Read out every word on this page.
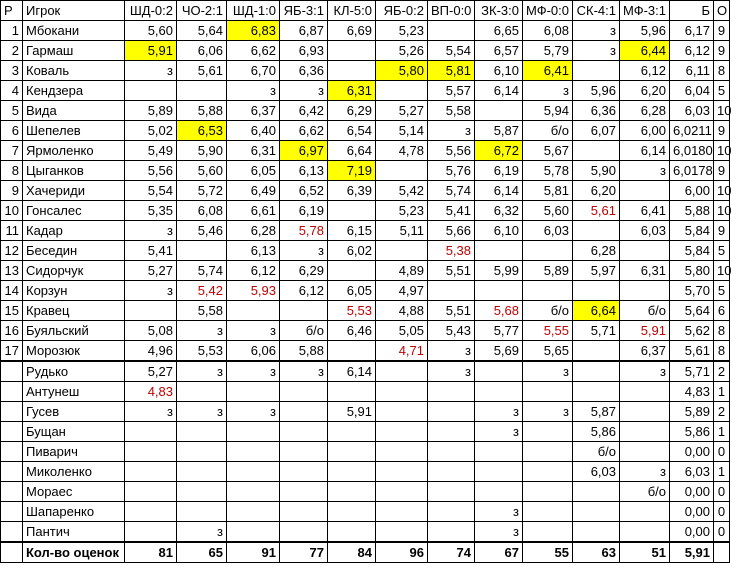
Р	Игрок	ШД-0:2	ЧО-2:1	ШД-1:0	ЯБ-3:1	КЛ-5:0	ЯБ-0:2	ВП-0:0	ЗК-3:0	МФ-0:0	СК-4:1	МФ-3:1	Б	О
1	Мбокани	5,60	5,64	6,83	6,87	6,69	5,23		6,65	6,08	з	5,96	6,17	9
2	Гармаш	5,91	6,06	6,62	6,93		5,26	5,54	6,57	5,79	з	6,44	6,12	9
3	Коваль	з	5,61	6,70	6,36		5,80	5,81	6,10	6,41		6,12	6,11	8
4	Кендзера			з	з	6,31		5,57	6,14	з	5,96	6,20	6,04	5
5	Вида	5,89	5,88	6,37	6,42	6,29	5,27	5,58		5,94	6,36	6,28	6,03	10
6	Шепелев	5,02	6,53	6,40	6,62	6,54	5,14	з	5,87	б/о	6,07	6,00	6,0211	9
7	Ярмоленко	5,49	5,90	6,31	6,97	6,64	4,78	5,56	6,72	5,67		6,14	6,0180	10
8	Цыганков	5,56	5,60	6,05	6,13	7,19		5,76	6,19	5,78	5,90	з	6,0178	9
9	Хачериди	5,54	5,72	6,49	6,52	6,39	5,42	5,74	6,14	5,81	6,20		6,00	10
10	Гонсалес	5,35	6,08	6,61	6,19		5,23	5,41	6,32	5,60	5,61	6,41	5,88	10
11	Кадар	з	5,46	6,28	5,78	6,15	5,11	5,66	6,10	6,03		6,03	5,84	9
12	Беседин	5,41		6,13	з	6,02		5,38			6,28		5,84	5
13	Сидорчук	5,27	5,74	6,12	6,29		4,89	5,51	5,99	5,89	5,97	6,31	5,80	10
14	Корзун	з	5,42	5,93	6,12	6,05	4,97						5,70	5
15	Кравец		5,58			5,53	4,88	5,51	5,68	б/о	6,64	б/о	5,64	6
16	Буяльский	5,08	з	з	б/о	6,46	5,05	5,43	5,77	5,55	5,71	5,91	5,62	8
17	Морозюк	4,96	5,53	6,06	5,88		4,71	з	5,69	5,65		6,37	5,61	8
	Рудько	5,27	з	з	з	6,14		з		з		з	5,71	2
	Антунеш	4,83											4,83	1
	Гусев	з	з	з		5,91			з	з	5,87		5,89	2
	Бущан								з		5,86		5,86	1
	Пиварич										б/о		0,00	0
	Миколенко										6,03	з	6,03	1
	Мораес											б/о	0,00	0
	Шапаренко								з				0,00	0
	Пантич		з						з				0,00	0
	Кол-во оценок	81	65	91	77	84	96	74	67	55	63	51	5,91	
